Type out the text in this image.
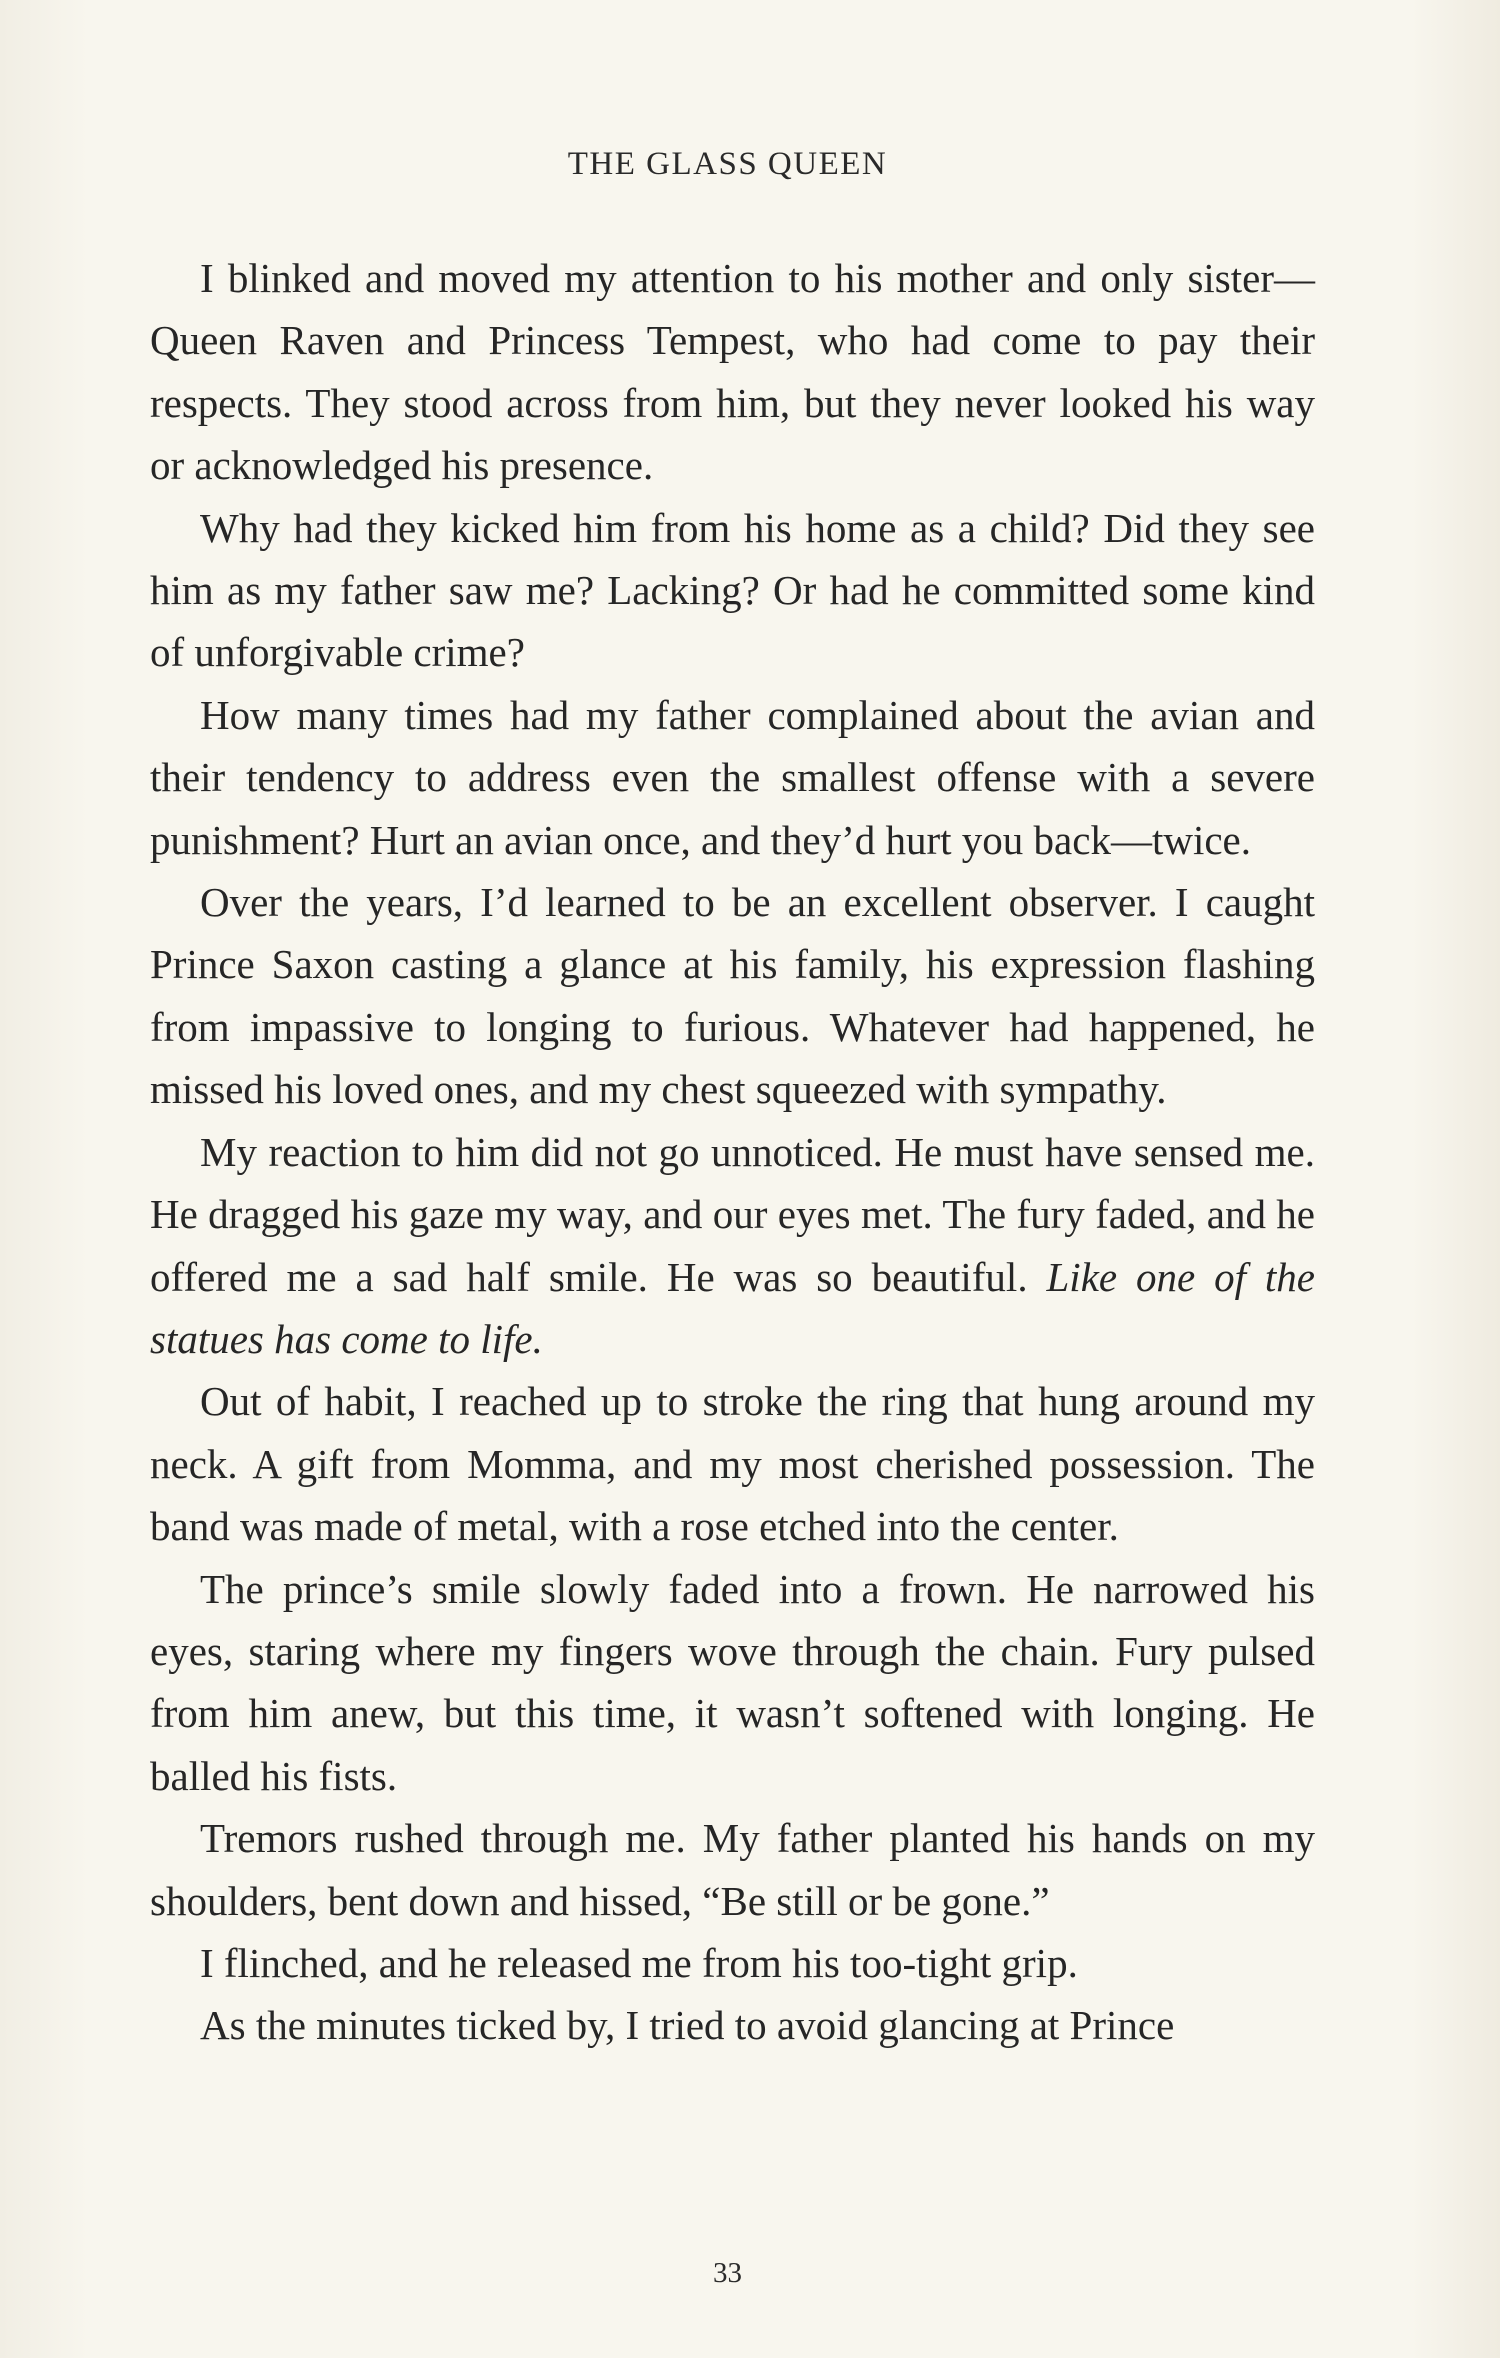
THE GLASS QUEEN

I blinked and moved my attention to his mother and only sister—Queen Raven and Princess Tempest, who had come to pay their respects. They stood across from him, but they never looked his way or acknowledged his presence.

Why had they kicked him from his home as a child? Did they see him as my father saw me? Lacking? Or had he committed some kind of unforgivable crime?

How many times had my father complained about the avian and their tendency to address even the smallest offense with a severe punishment? Hurt an avian once, and they’d hurt you back—twice.

Over the years, I’d learned to be an excellent observer. I caught Prince Saxon casting a glance at his family, his expression flashing from impassive to longing to furious. Whatever had happened, he missed his loved ones, and my chest squeezed with sympathy.

My reaction to him did not go unnoticed. He must have sensed me. He dragged his gaze my way, and our eyes met. The fury faded, and he offered me a sad half smile. He was so beautiful. Like one of the statues has come to life.

Out of habit, I reached up to stroke the ring that hung around my neck. A gift from Momma, and my most cherished possession. The band was made of metal, with a rose etched into the center.

The prince’s smile slowly faded into a frown. He narrowed his eyes, staring where my fingers wove through the chain. Fury pulsed from him anew, but this time, it wasn’t softened with longing. He balled his fists.

Tremors rushed through me. My father planted his hands on my shoulders, bent down and hissed, “Be still or be gone.”

I flinched, and he released me from his too-tight grip.

As the minutes ticked by, I tried to avoid glancing at Prince

33
